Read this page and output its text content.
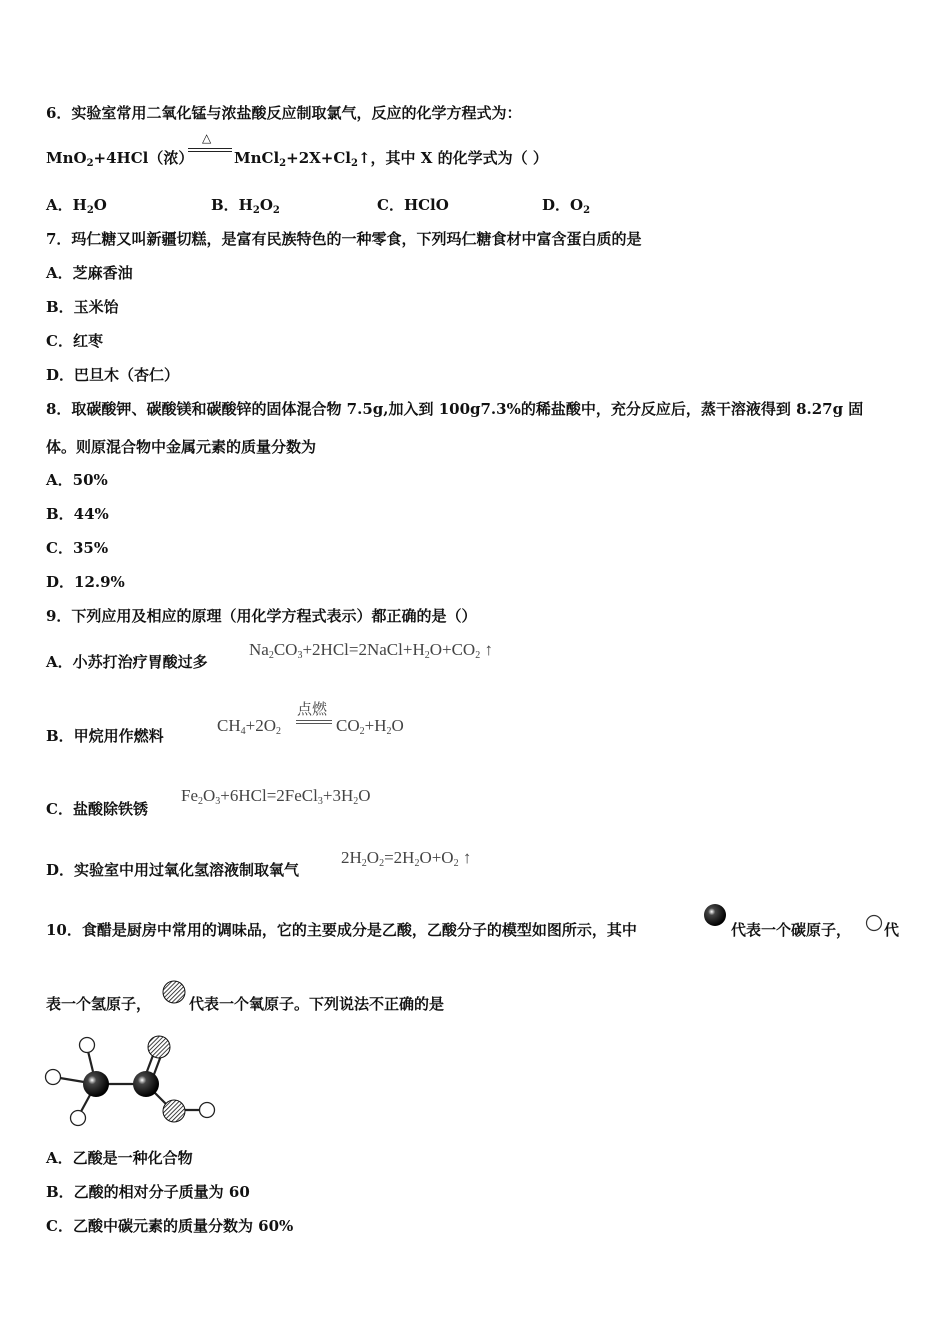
6．实验室常用二氧化锰与浓盐酸反应制取氯气，反应的化学方程式为：
MnO$_2$+4HCl（浓）
△
$MnCl_2+2X+Cl_2↑$，其中 X 的化学式为（ ）
A．$H_2O$	B．$H_2O_2$	C．HClO	D．$O_2$
7．玛仁糖又叫新疆切糕，是富有民族特色的一种零食，下列玛仁糖食材中富含蛋白质的是
A．芝麻香油
B．玉米饴
C．红枣
D．巴旦木（杏仁）
8．取碳酸钾、碳酸镁和碳酸锌的固体混合物 7.5g,加入到 100g7.3%的稀盐酸中，充分反应后，蒸干溶液得到 8.27g 固
体。则原混合物中金属元素的质量分数为
A．50%
B．44%
C．35%
D．12.9%
9．下列应用及相应的原理（用化学方程式表示）都正确的是（）
A．小苏打治疗胃酸过多
$Na_2CO_3+2HCl=2NaCl+H_2O+CO_2$ ↑
B．甲烷用作燃料
$CH_4+2O_2$
点燃
$CO_2+H_2O$
C．盐酸除铁锈
$Fe_2O_3+6HCl=2FeCl_3+3H_2O$
D．实验室中用过氧化氢溶液制取氧气
$2H_2O_2=2H_2O+O_2$ ↑
10．食醋是厨房中常用的调味品，它的主要成分是乙酸，乙酸分子的模型如图所示，其中	代表一个碳原子， 代
表一个氢原子，	代表一个氧原子。下列说法不正确的是
A．乙酸是一种化合物
B．乙酸的相对分子质量为 60
C．乙酸中碳元素的质量分数为 60%
